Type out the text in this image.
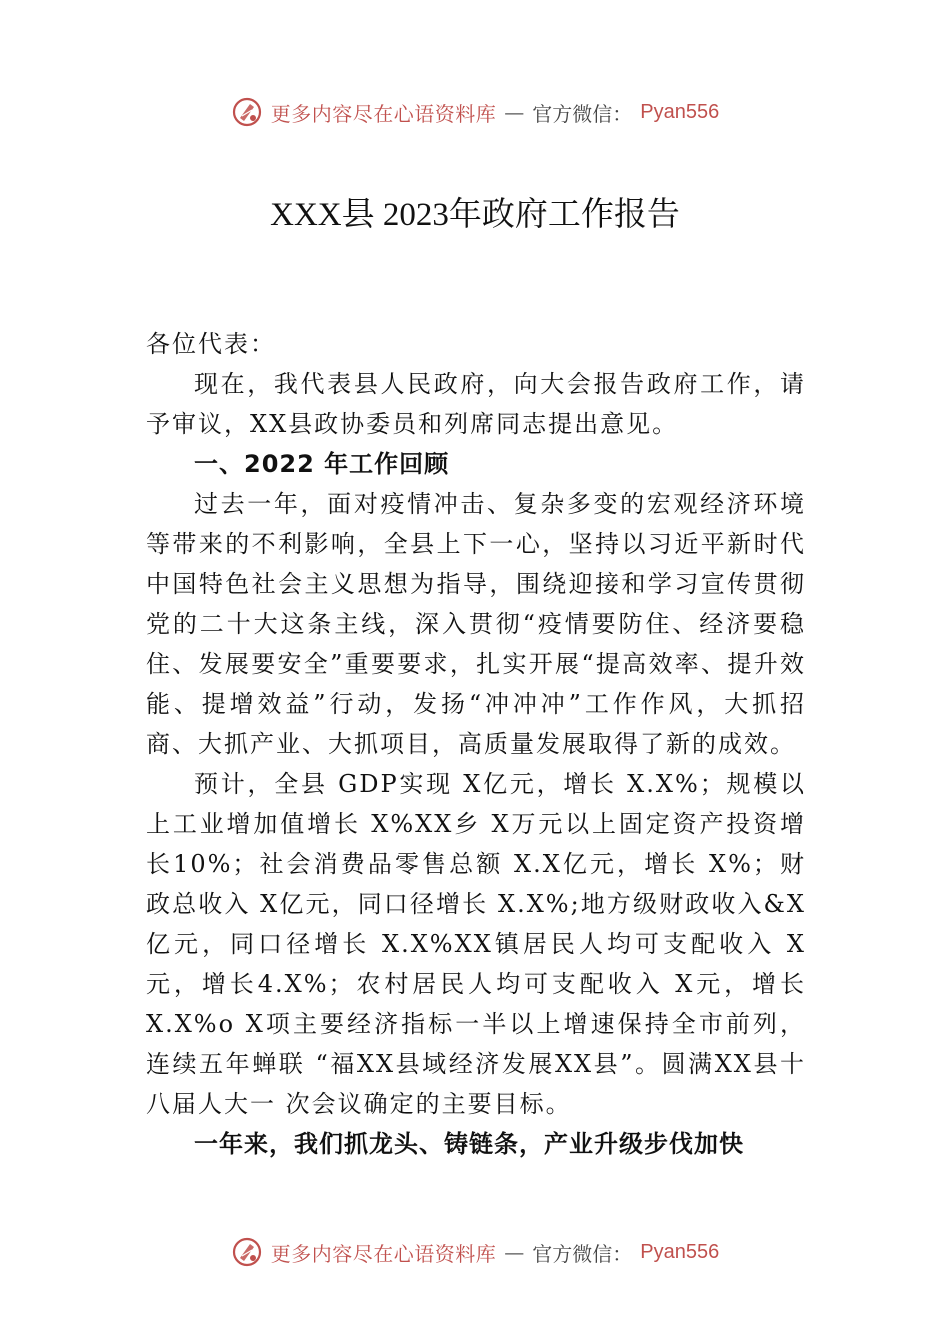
更多内容尽在心语资料库 — 官方微信： Pyan556
XXX县 2023年政府工作报告

各位代表：

现在，我代表县人民政府，向大会报告政府工作，请予审议，XX县政协委员和列席同志提出意见。

一、2022 年工作回顾

过去一年，面对疫情冲击、复杂多变的宏观经济环境等带来的不利影响，全县上下一心，坚持以习近平新时代中国特色社会主义思想为指导，围绕迎接和学习宣传贯彻党的二十大这条主线，深入贯彻“疫情要防住、经济要稳住、发展要安全”重要要求，扎实开展“提高效率、提升效能、提增效益”行动，发扬“冲冲冲”工作作风，大抓招商、大抓产业、大抓项目，高质量发展取得了新的成效。

预计，全县 GDP实现 X亿元，增长 X.X%；规模以上工业增加值增长 X%XX乡 X万元以上固定资产投资增长10%；社会消费品零售总额 X.X亿元，增长 X%；财政总收入 X亿元，同口径增长 X.X%;地方级财政收入&X亿元，同口径增长 X.X%XX镇居民人均可支配收入 X元，增长4.X%；农村居民人均可支配收入 X元，增长 X.X%o X项主要经济指标一半以上增速保持全市前列，连续五年蝉联 “福XX县域经济发展XX县”。圆满XX县十八届人大一 次会议确定的主要目标。

一年来，我们抓龙头、铸链条，产业升级步伐加快

更多内容尽在心语资料库 — 官方微信： Pyan556
